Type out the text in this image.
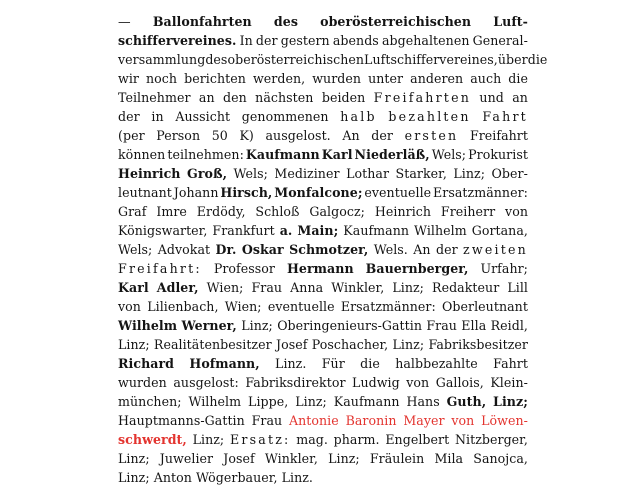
— Ballonfahrten des oberösterreichischen Luft-
schiffervereines. In der gestern abends abgehaltenen General-
versammlung des oberösterreichischen Luftschiffervereines, über die
wir noch berichten werden, wurden unter anderen auch die
Teilnehmer an den nächsten beiden Freifahrten und an
der in Aussicht genommenen halb bezahlten Fahrt
(per Person 50 K) ausgelost. An der ersten Freifahrt
können teilnehmen: Kaufmann Karl Niederläß, Wels; Prokurist
Heinrich Groß, Wels; Mediziner Lothar Starker, Linz; Ober-
leutnant Johann Hirsch, Monfalcone; eventuelle Ersatzmänner:
Graf Imre Erdödy, Schloß Galgocz; Heinrich Freiherr von
Königswarter, Frankfurt a. Main; Kaufmann Wilhelm Gortana,
Wels; Advokat Dr. Oskar Schmotzer, Wels. An der zweiten
Freifahrt: Professor Hermann Bauernberger, Urfahr;
Karl Adler, Wien; Frau Anna Winkler, Linz; Redakteur Lill
von Lilienbach, Wien; eventuelle Ersatzmänner: Oberleutnant
Wilhelm Werner, Linz; Oberingenieurs-Gattin Frau Ella Reidl,
Linz; Realitätenbesitzer Josef Poschacher, Linz; Fabriksbesitzer
Richard Hofmann, Linz. Für die halbbezahlte Fahrt
wurden ausgelost: Fabriksdirektor Ludwig von Gallois, Klein-
münchen; Wilhelm Lippe, Linz; Kaufmann Hans Guth, Linz;
Hauptmanns-Gattin Frau Antonie Baronin Mayer von Löwen-
schwerdt, Linz; Ersatz: mag. pharm. Engelbert Nitzberger,
Linz; Juwelier Josef Winkler, Linz; Fräulein Mila Sanojca,
Linz;
Anton
Wögerbauer,
Linz.
